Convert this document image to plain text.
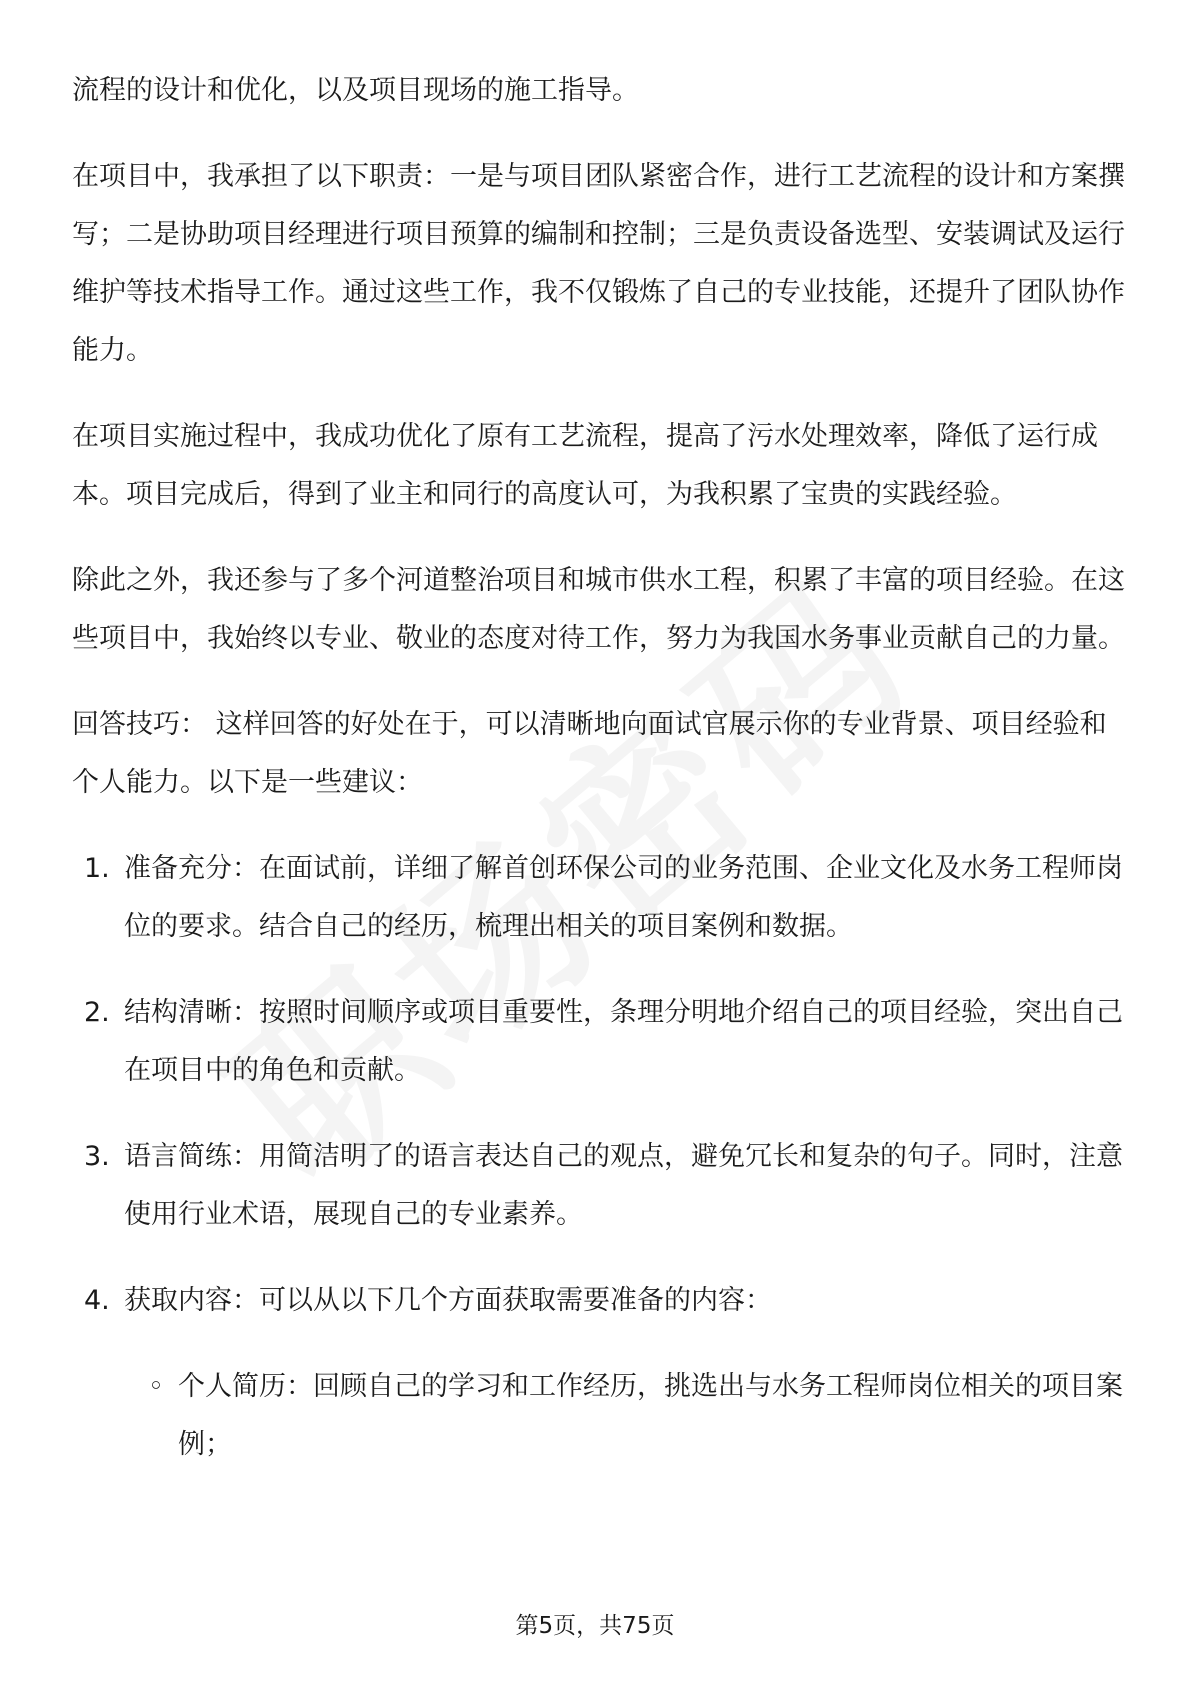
流程的设计和优化，以及项目现场的施工指导。

在项目中，我承担了以下职责：一是与项目团队紧密合作，进行工艺流程的设计和方案撰写；二是协助项目经理进行项目预算的编制和控制；三是负责设备选型、安装调试及运行维护等技术指导工作。通过这些工作，我不仅锻炼了自己的专业技能，还提升了团队协作能力。

在项目实施过程中，我成功优化了原有工艺流程，提高了污水处理效率，降低了运行成本。项目完成后，得到了业主和同行的高度认可，为我积累了宝贵的实践经验。

除此之外，我还参与了多个河道整治项目和城市供水工程，积累了丰富的项目经验。在这些项目中，我始终以专业、敬业的态度对待工作，努力为我国水务事业贡献自己的力量。

回答技巧： 这样回答的好处在于，可以清晰地向面试官展示你的专业背景、项目经验和个人能力。以下是一些建议：

1. 准备充分：在面试前，详细了解首创环保公司的业务范围、企业文化及水务工程师岗位的要求。结合自己的经历，梳理出相关的项目案例和数据。
2. 结构清晰：按照时间顺序或项目重要性，条理分明地介绍自己的项目经验，突出自己在项目中的角色和贡献。
3. 语言简练：用简洁明了的语言表达自己的观点，避免冗长和复杂的句子。同时，注意使用行业术语，展现自己的专业素养。
4. 获取内容：可以从以下几个方面获取需要准备的内容：
◦ 个人简历：回顾自己的学习和工作经历，挑选出与水务工程师岗位相关的项目案例；
第5页，共75页
